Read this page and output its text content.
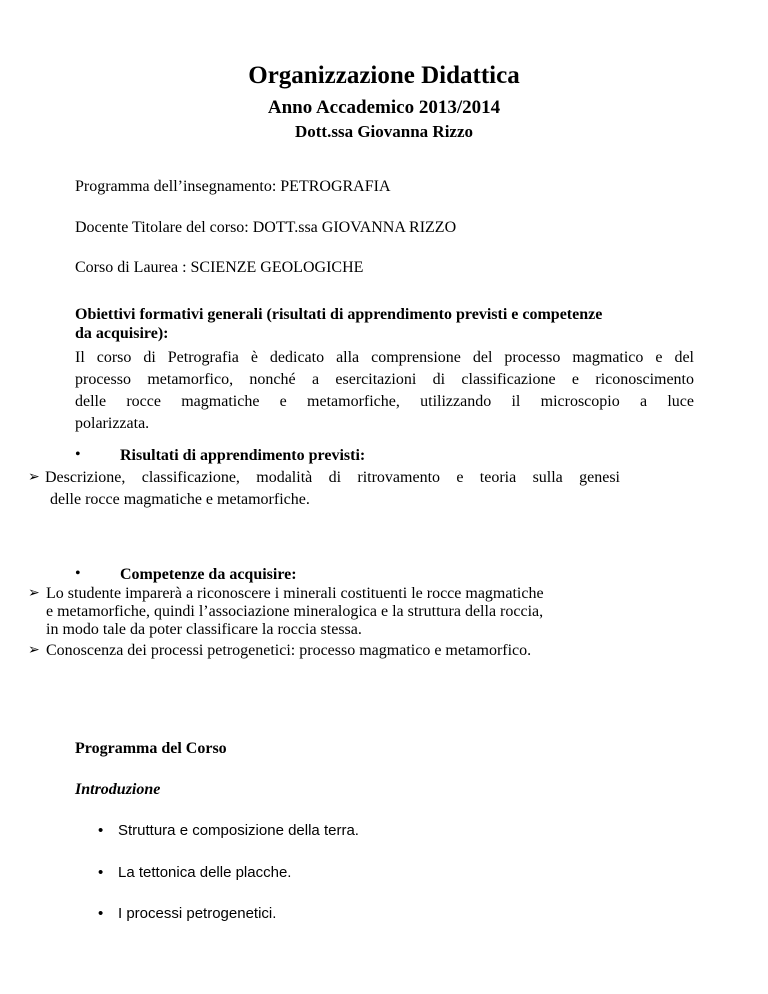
Organizzazione Didattica
Anno Accademico 2013/2014
Dott.ssa Giovanna Rizzo
Programma dell’insegnamento: PETROGRAFIA
Docente Titolare del corso: DOTT.ssa GIOVANNA RIZZO
Corso di Laurea : SCIENZE GEOLOGICHE
Obiettivi formativi generali (risultati di apprendimento previsti e competenze
da acquisire):
Il corso di Petrografia è dedicato alla comprensione del processo magmatico e del
processo metamorfico, nonché a esercitazioni di classificazione e riconoscimento
delle rocce magmatiche e metamorfiche, utilizzando il microscopio a luce
polarizzata.
• Risultati di apprendimento previsti:
➢ Descrizione, classificazione, modalità di ritrovamento e teoria sulla genesi
delle rocce magmatiche e metamorfiche.
• Competenze da acquisire:
➢ Lo studente imparerà a riconoscere i minerali costituenti le rocce magmatiche
e metamorfiche, quindi l’associazione mineralogica e la struttura della roccia,
in modo tale da poter classificare la roccia stessa.
➢ Conoscenza dei processi petrogenetici: processo magmatico e metamorfico.
Programma del Corso
Introduzione
• Struttura e composizione della terra.
• La tettonica delle placche.
• I processi petrogenetici.
